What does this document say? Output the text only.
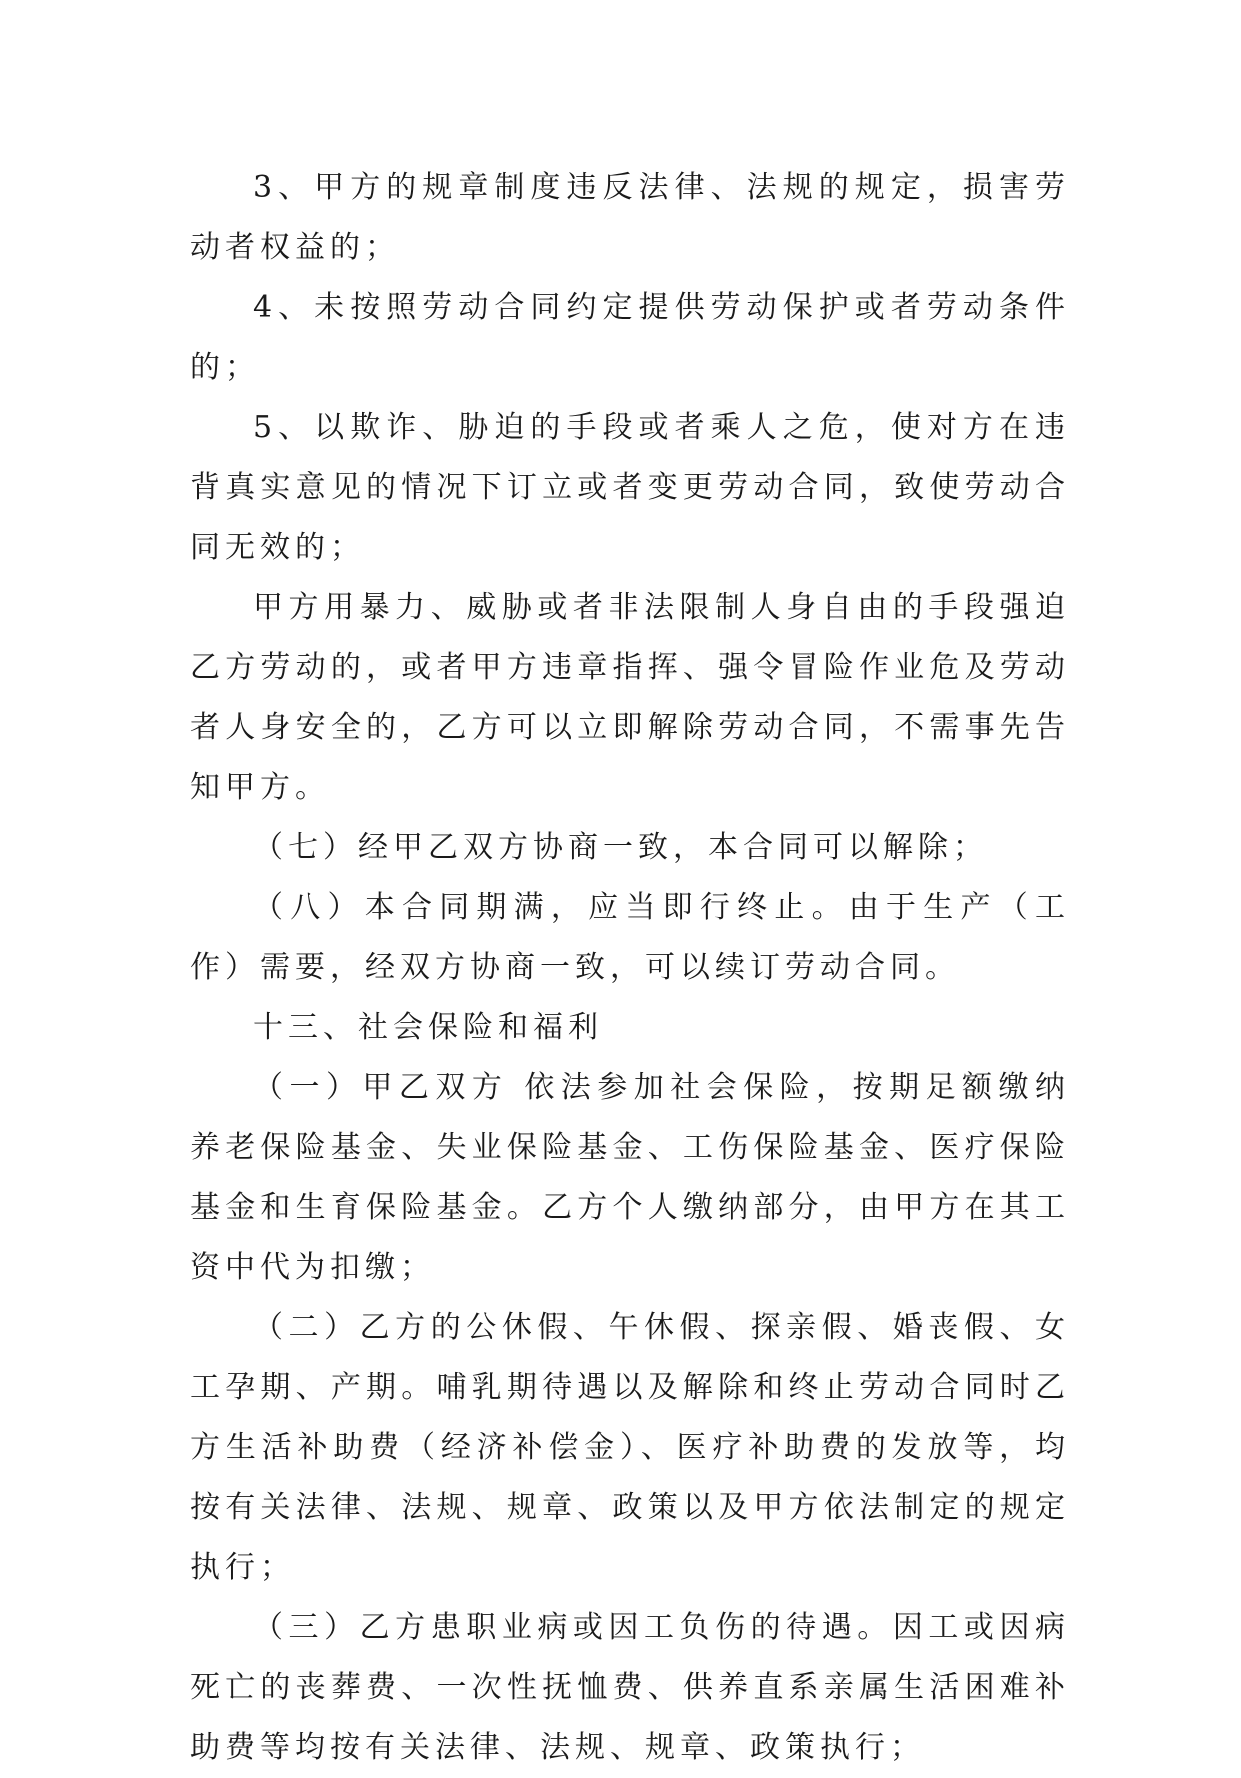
3、甲方的规章制度违反法律、法规的规定，损害劳动者权益的；

4、未按照劳动合同约定提供劳动保护或者劳动条件的；

5、以欺诈、胁迫的手段或者乘人之危，使对方在违背真实意见的情况下订立或者变更劳动合同，致使劳动合同无效的；

甲方用暴力、威胁或者非法限制人身自由的手段强迫乙方劳动的，或者甲方违章指挥、强令冒险作业危及劳动者人身安全的，乙方可以立即解除劳动合同，不需事先告知甲方。

（七）经甲乙双方协商一致，本合同可以解除；

（八）本合同期满，应当即行终止。由于生产（工作）需要，经双方协商一致，可以续订劳动合同。

十三、社会保险和福利

（一）甲乙双方 依法参加社会保险，按期足额缴纳养老保险基金、失业保险基金、工伤保险基金、医疗保险基金和生育保险基金。乙方个人缴纳部分，由甲方在其工资中代为扣缴；

（二）乙方的公休假、午休假、探亲假、婚丧假、女工孕期、产期。哺乳期待遇以及解除和终止劳动合同时乙方生活补助费（经济补偿金）、医疗补助费的发放等，均按有关法律、法规、规章、政策以及甲方依法制定的规定执行；

（三）乙方患职业病或因工负伤的待遇。因工或因病死亡的丧葬费、一次性抚恤费、供养直系亲属生活困难补助费等均按有关法律、法规、规章、政策执行；
